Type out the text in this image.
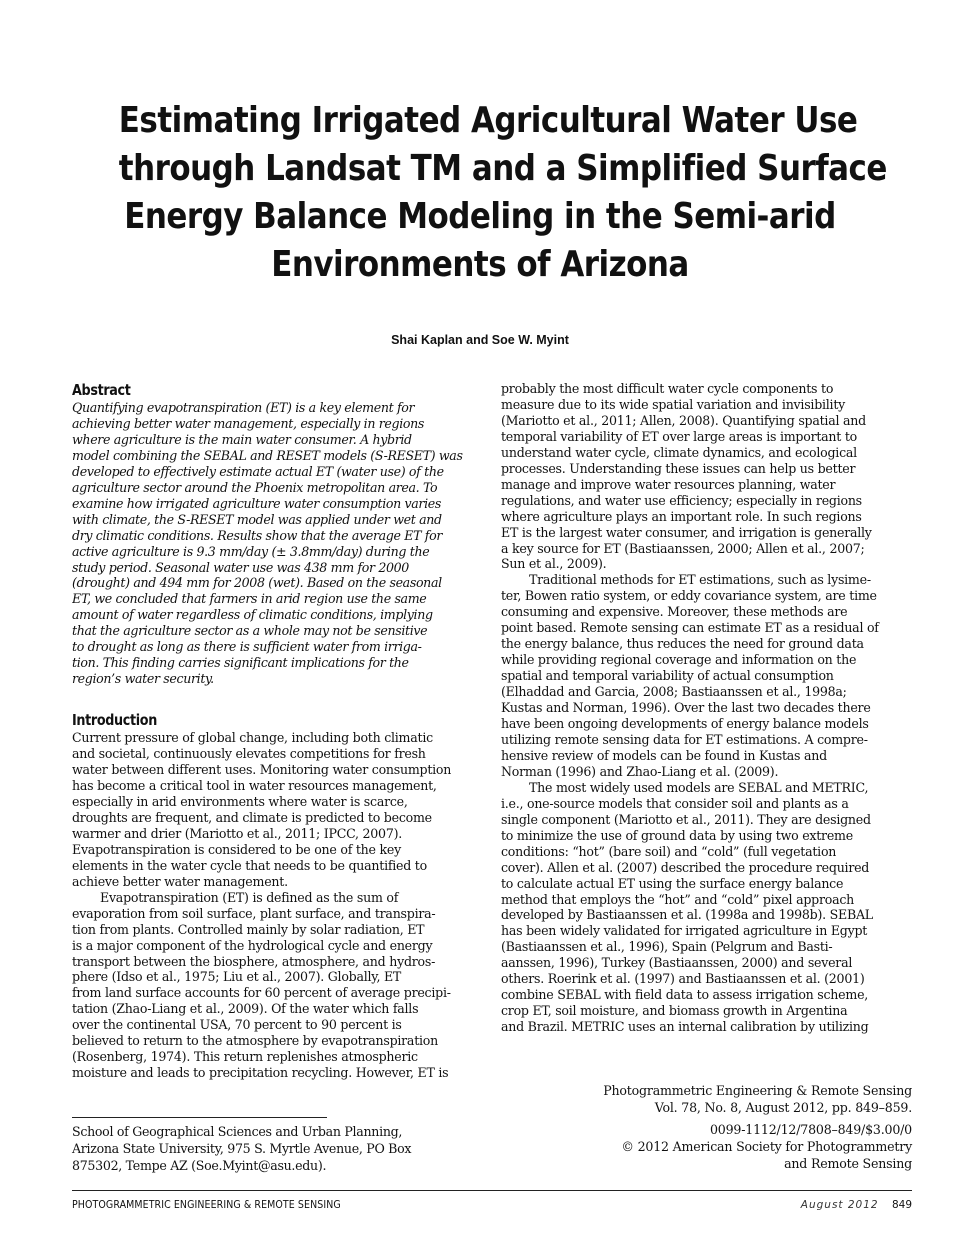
Estimating Irrigated Agricultural Water Use
through Landsat TM and a Simplified Surface
Energy Balance Modeling in the Semi-arid
Environments of Arizona
Shai Kaplan and Soe W. Myint
Abstract
Quantifying evapotranspiration (ET) is a key element for
achieving better water management, especially in regions
where agriculture is the main water consumer. A hybrid
model combining the SEBAL and RESET models (S-RESET) was
developed to effectively estimate actual ET (water use) of the
agriculture sector around the Phoenix metropolitan area. To
examine how irrigated agriculture water consumption varies
with climate, the S-RESET model was applied under wet and
dry climatic conditions. Results show that the average ET for
active agriculture is 9.3 mm/day (± 3.8mm/day) during the
study period. Seasonal water use was 438 mm for 2000
(drought) and 494 mm for 2008 (wet). Based on the seasonal
ET, we concluded that farmers in arid region use the same
amount of water regardless of climatic conditions, implying
that the agriculture sector as a whole may not be sensitive
to drought as long as there is sufficient water from irriga-
tion. This finding carries significant implications for the
region’s water security.
Introduction
Current pressure of global change, including both climatic
and societal, continuously elevates competitions for fresh
water between different uses. Monitoring water consumption
has become a critical tool in water resources management,
especially in arid environments where water is scarce,
droughts are frequent, and climate is predicted to become
warmer and drier (Mariotto et al., 2011; IPCC, 2007).
Evapotranspiration is considered to be one of the key
elements in the water cycle that needs to be quantified to
achieve better water management.
Evapotranspiration (ET) is defined as the sum of
evaporation from soil surface, plant surface, and transpira-
tion from plants. Controlled mainly by solar radiation, ET
is a major component of the hydrological cycle and energy
transport between the biosphere, atmosphere, and hydros-
phere (Idso et al., 1975; Liu et al., 2007). Globally, ET
from land surface accounts for 60 percent of average precipi-
tation (Zhao-Liang et al., 2009). Of the water which falls
over the continental USA, 70 percent to 90 percent is
believed to return to the atmosphere by evapotranspiration
(Rosenberg, 1974). This return replenishes atmospheric
moisture and leads to precipitation recycling. However, ET is
probably the most difficult water cycle components to
measure due to its wide spatial variation and invisibility
(Mariotto et al., 2011; Allen, 2008). Quantifying spatial and
temporal variability of ET over large areas is important to
understand water cycle, climate dynamics, and ecological
processes. Understanding these issues can help us better
manage and improve water resources planning, water
regulations, and water use efficiency; especially in regions
where agriculture plays an important role. In such regions
ET is the largest water consumer, and irrigation is generally
a key source for ET (Bastiaanssen, 2000; Allen et al., 2007;
Sun et al., 2009).
Traditional methods for ET estimations, such as lysime-
ter, Bowen ratio system, or eddy covariance system, are time
consuming and expensive. Moreover, these methods are
point based. Remote sensing can estimate ET as a residual of
the energy balance, thus reduces the need for ground data
while providing regional coverage and information on the
spatial and temporal variability of actual consumption
(Elhaddad and Garcia, 2008; Bastiaanssen et al., 1998a;
Kustas and Norman, 1996). Over the last two decades there
have been ongoing developments of energy balance models
utilizing remote sensing data for ET estimations. A compre-
hensive review of models can be found in Kustas and
Norman (1996) and Zhao-Liang et al. (2009).
The most widely used models are SEBAL and METRIC,
i.e., one-source models that consider soil and plants as a
single component (Mariotto et al., 2011). They are designed
to minimize the use of ground data by using two extreme
conditions: “hot” (bare soil) and “cold” (full vegetation
cover). Allen et al. (2007) described the procedure required
to calculate actual ET using the surface energy balance
method that employs the “hot” and “cold” pixel approach
developed by Bastiaanssen et al. (1998a and 1998b). SEBAL
has been widely validated for irrigated agriculture in Egypt
(Bastiaanssen et al., 1996), Spain (Pelgrum and Basti-
aanssen, 1996), Turkey (Bastiaanssen, 2000) and several
others. Roerink et al. (1997) and Bastiaanssen et al. (2001)
combine SEBAL with field data to assess irrigation scheme,
crop ET, soil moisture, and biomass growth in Argentina
and Brazil. METRIC uses an internal calibration by utilizing
Photogrammetric Engineering & Remote Sensing
Vol. 78, No. 8, August 2012, pp. 849–859.
0099-1112/12/7808–849/$3.00/0
© 2012 American Society for Photogrammetry
and Remote Sensing
School of Geographical Sciences and Urban Planning,
Arizona State University, 975 S. Myrtle Avenue, PO Box
875302, Tempe AZ (Soe.Myint@asu.edu).
PHOTOGRAMMETRIC ENGINEERING & REMOTE SENSING	August 2012 849
